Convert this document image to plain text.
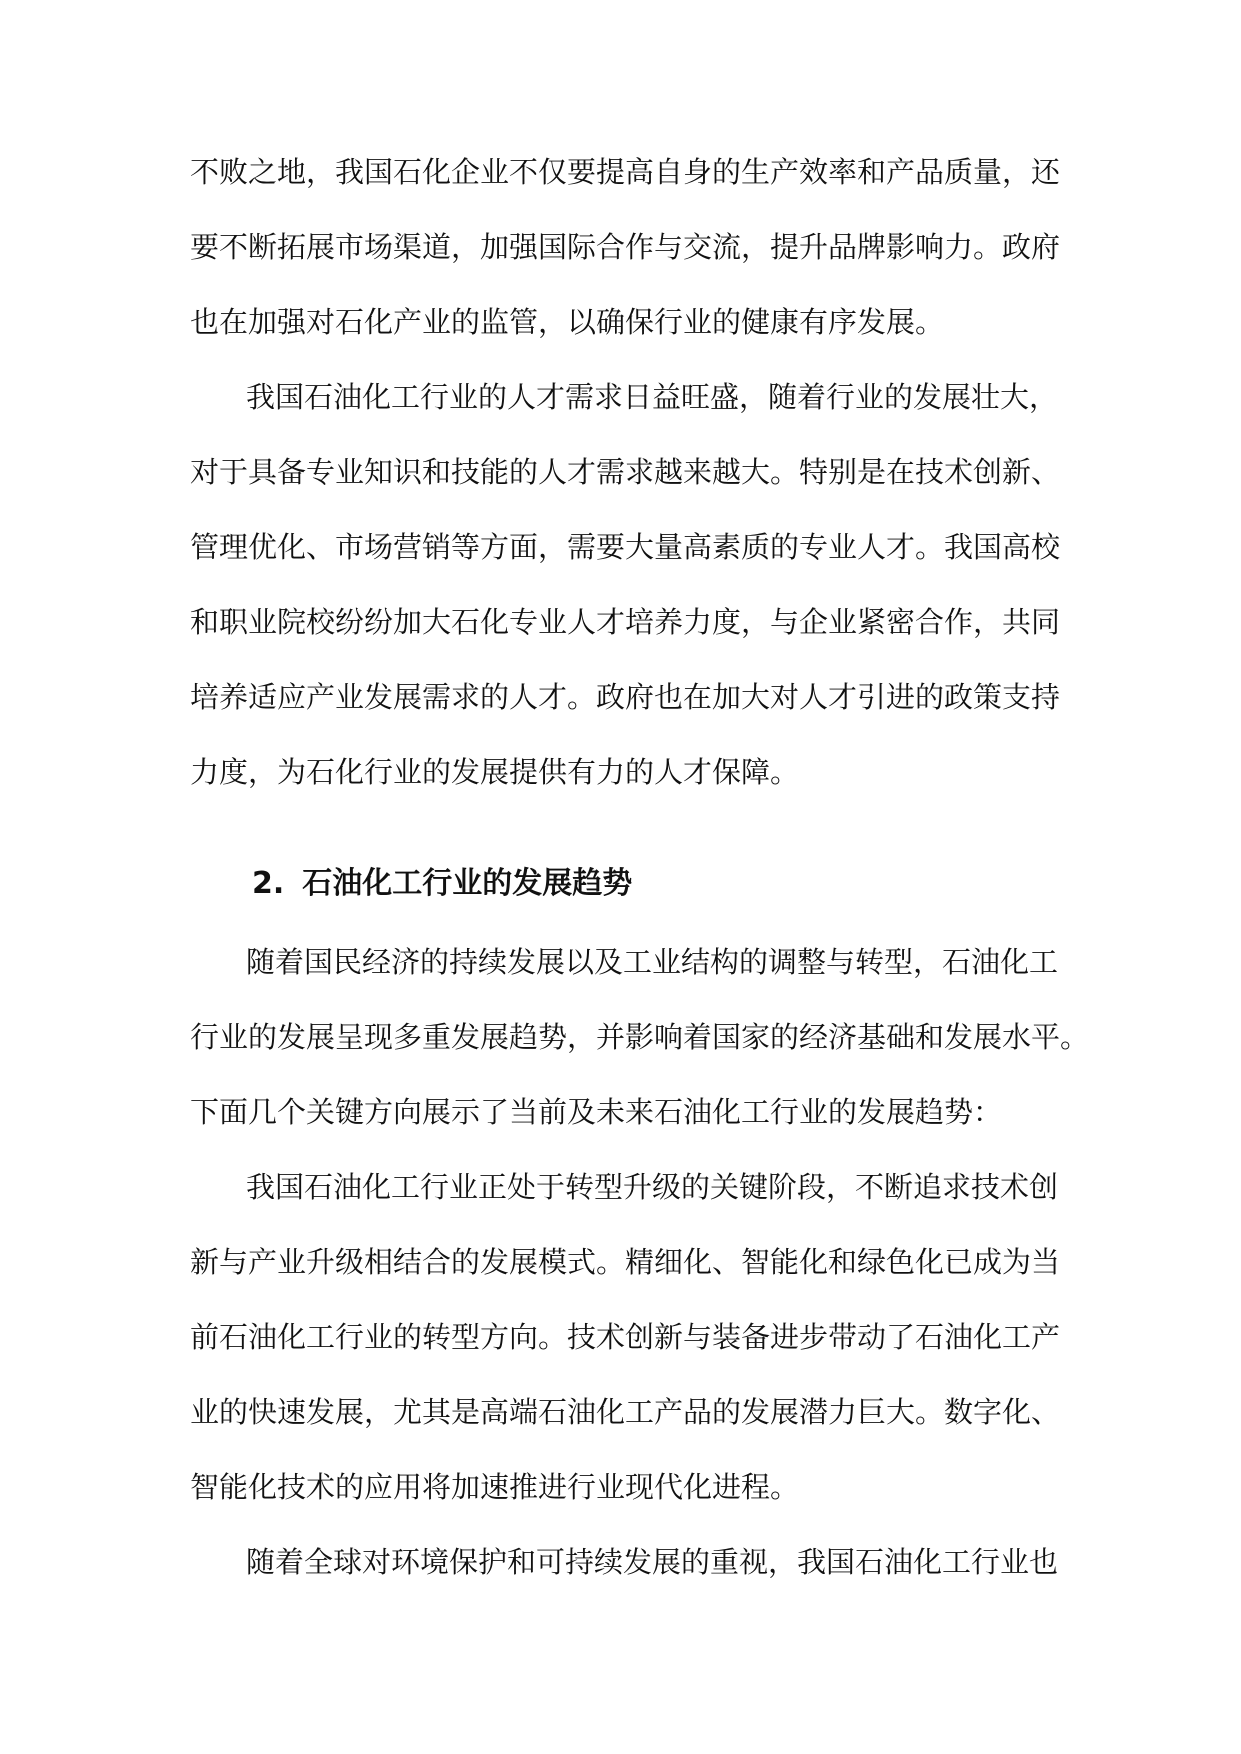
不败之地，我国石化企业不仅要提高自身的生产效率和产品质量，还

要不断拓展市场渠道，加强国际合作与交流，提升品牌影响力。政府

也在加强对石化产业的监管，以确保行业的健康有序发展。

我国石油化工行业的人才需求日益旺盛，随着行业的发展壮大，

对于具备专业知识和技能的人才需求越来越大。特别是在技术创新、

管理优化、市场营销等方面，需要大量高素质的专业人才。我国高校

和职业院校纷纷加大石化专业人才培养力度，与企业紧密合作，共同

培养适应产业发展需求的人才。政府也在加大对人才引进的政策支持

力度，为石化行业的发展提供有力的人才保障。

2. 石油化工行业的发展趋势

随着国民经济的持续发展以及工业结构的调整与转型，石油化工

行业的发展呈现多重发展趋势，并影响着国家的经济基础和发展水平。

下面几个关键方向展示了当前及未来石油化工行业的发展趋势：

我国石油化工行业正处于转型升级的关键阶段，不断追求技术创

新与产业升级相结合的发展模式。精细化、智能化和绿色化已成为当

前石油化工行业的转型方向。技术创新与装备进步带动了石油化工产

业的快速发展，尤其是高端石油化工产品的发展潜力巨大。数字化、

智能化技术的应用将加速推进行业现代化进程。

随着全球对环境保护和可持续发展的重视，我国石油化工行业也
